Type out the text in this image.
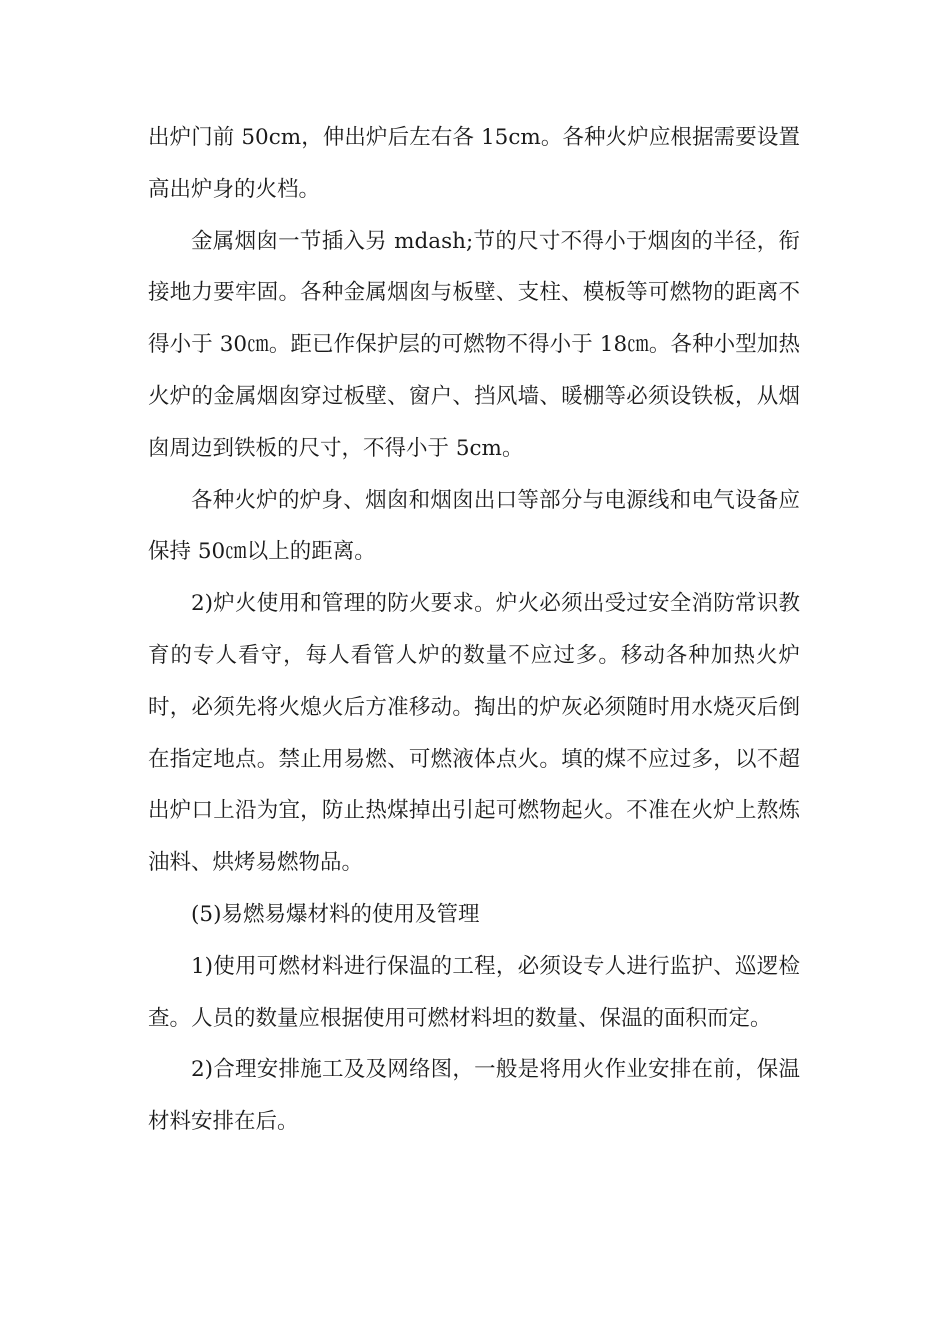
出炉门前 50cm，伸出炉后左右各 15cm。各种火炉应根据需要设置高出炉身的火档。

金属烟囱一节插入另 mdash;节的尺寸不得小于烟囱的半径，衔接地力要牢固。各种金属烟囱与板壁、支柱、模板等可燃物的距离不得小于 30㎝。距已作保护层的可燃物不得小于 18㎝。各种小型加热火炉的金属烟囱穿过板壁、窗户、挡风墙、暖棚等必须设铁板，从烟囱周边到铁板的尺寸，不得小于 5cm。

各种火炉的炉身、烟囱和烟囱出口等部分与电源线和电气设备应保持 50㎝以上的距离。

2)炉火使用和管理的防火要求。炉火必须出受过安全消防常识教育的专人看守，每人看管人炉的数量不应过多。移动各种加热火炉时，必须先将火熄火后方准移动。掏出的炉灰必须随时用水烧灭后倒在指定地点。禁止用易燃、可燃液体点火。填的煤不应过多，以不超出炉口上沿为宜，防止热煤掉出引起可燃物起火。不准在火炉上熬炼油料、烘烤易燃物品。

(5)易燃易爆材料的使用及管理

1)使用可燃材料进行保温的工程，必须设专人进行监护、巡逻检查。人员的数量应根据使用可燃材料坦的数量、保温的面积而定。

2)合理安排施工及及网络图，一般是将用火作业安排在前，保温材料安排在后。
